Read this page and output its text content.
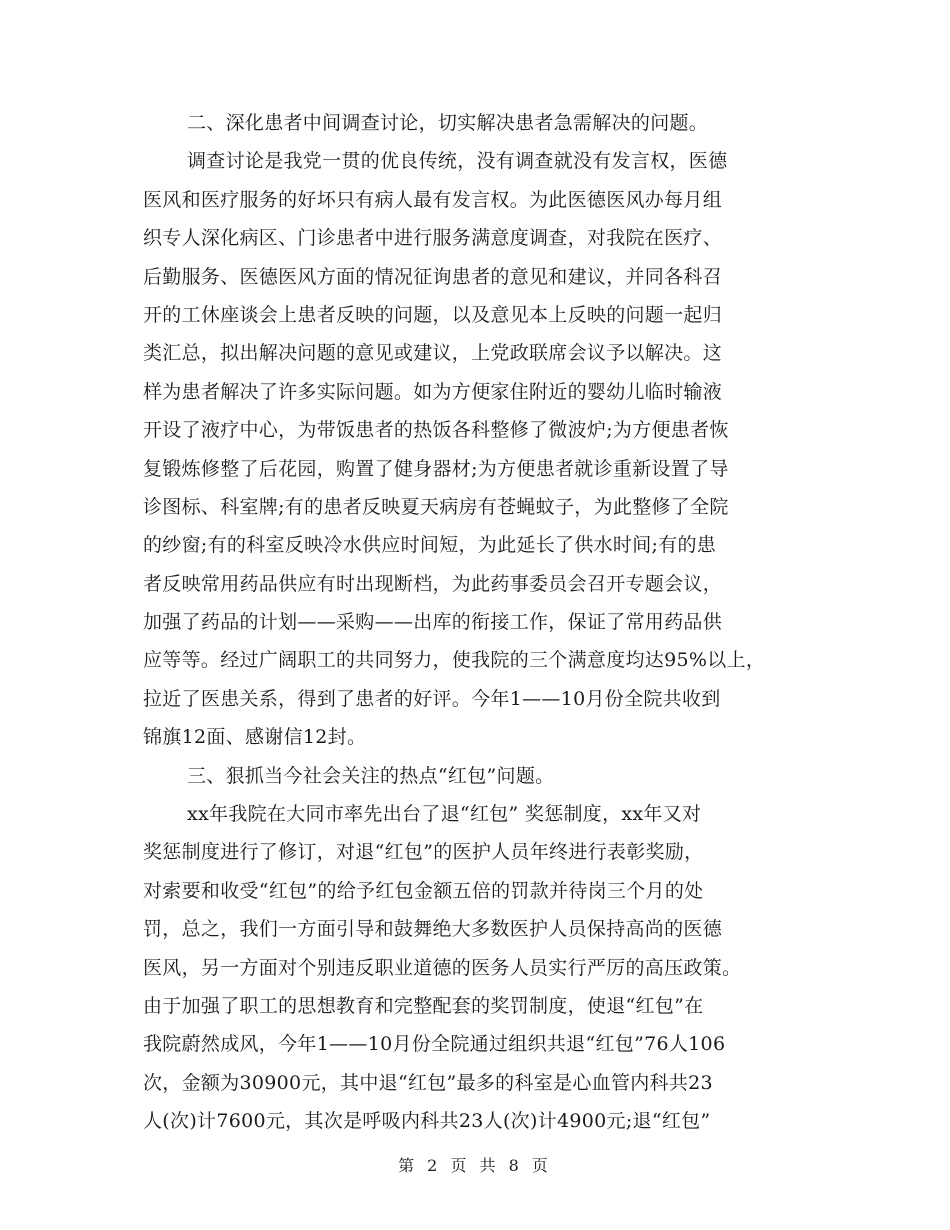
二、深化患者中间调查讨论，切实解决患者急需解决的问题。
调查讨论是我党一贯的优良传统，没有调查就没有发言权，医德
医风和医疗服务的好坏只有病人最有发言权。为此医德医风办每月组
织专人深化病区、门诊患者中进行服务满意度调查，对我院在医疗、
后勤服务、医德医风方面的情况征询患者的意见和建议，并同各科召
开的工休座谈会上患者反映的问题，以及意见本上反映的问题一起归
类汇总，拟出解决问题的意见或建议，上党政联席会议予以解决。这
样为患者解决了许多实际问题。如为方便家住附近的婴幼儿临时输液
开设了液疗中心，为带饭患者的热饭各科整修了微波炉;为方便患者恢
复锻炼修整了后花园，购置了健身器材;为方便患者就诊重新设置了导
诊图标、科室牌;有的患者反映夏天病房有苍蝇蚊子，为此整修了全院
的纱窗;有的科室反映冷水供应时间短，为此延长了供水时间;有的患
者反映常用药品供应有时出现断档，为此药事委员会召开专题会议，
加强了药品的计划——采购——出库的衔接工作，保证了常用药品供
应等等。经过广阔职工的共同努力，使我院的三个满意度均达95%以上，
拉近了医患关系，得到了患者的好评。今年1——10月份全院共收到
锦旗12面、感谢信12封。
三、狠抓当今社会关注的热点“红包”问题。
xx年我院在大同市率先出台了退“红包” 奖惩制度，xx年又对
奖惩制度进行了修订，对退“红包”的医护人员年终进行表彰奖励，
对索要和收受“红包”的给予红包金额五倍的罚款并待岗三个月的处
罚，总之，我们一方面引导和鼓舞绝大多数医护人员保持高尚的医德
医风，另一方面对个别违反职业道德的医务人员实行严厉的高压政策。
由于加强了职工的思想教育和完整配套的奖罚制度，使退“红包”在
我院蔚然成风，今年1——10月份全院通过组织共退“红包”76人106
次，金额为30900元，其中退“红包”最多的科室是心血管内科共23
人(次)计7600元，其次是呼吸内科共23人(次)计4900元;退“红包”
第 2 页 共 8 页
